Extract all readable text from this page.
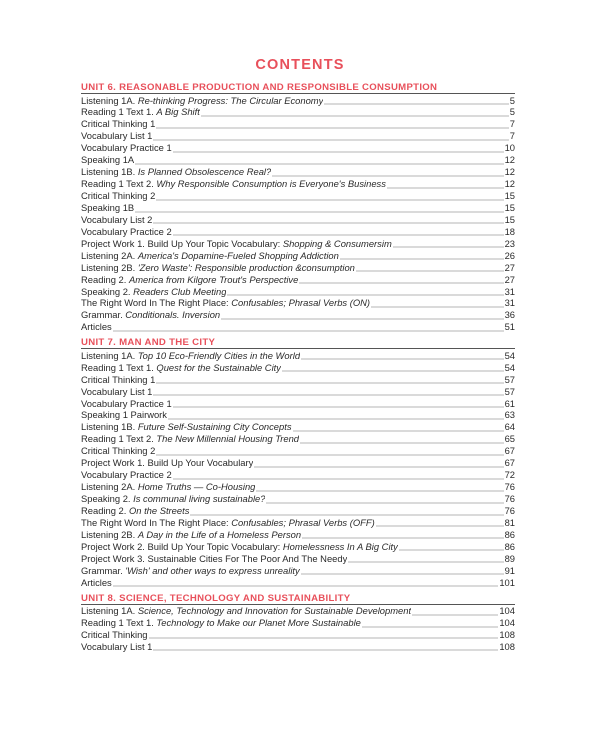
CONTENTS
UNIT 6. REASONABLE PRODUCTION AND RESPONSIBLE CONSUMPTION
Listening 1A. Re-thinking Progress: The Circular Economy	5
Reading 1 Text 1. A Big Shift	5
Critical Thinking 1	7
Vocabulary List 1	7
Vocabulary Practice 1	10
Speaking 1A	12
Listening 1B. Is Planned Obsolescence Real?	12
Reading 1 Text 2. Why Responsible Consumption is Everyone's Business	12
Critical Thinking 2	15
Speaking 1B	15
Vocabulary List 2	15
Vocabulary Practice 2	18
Project Work 1. Build Up Your Topic Vocabulary: Shopping & Consumersim	23
Listening 2A. America's Dopamine-Fueled Shopping Addiction	26
Listening 2B. 'Zero Waste': Responsible production &consumption	27
Reading 2. America from Kilgore Trout's Perspective	27
Speaking 2. Readers Club Meeting	31
The Right Word In The Right Place: Confusables; Phrasal Verbs (ON)	31
Grammar. Conditionals. Inversion	36
Articles	51
UNIT 7. MAN AND THE CITY
Listening 1A. Top 10 Eco-Friendly Cities in the World	54
Reading 1 Text 1. Quest for the Sustainable City	54
Critical Thinking 1	57
Vocabulary List 1	57
Vocabulary Practice 1	61
Speaking 1 Pairwork	63
Listening 1B. Future Self-Sustaining City Concepts	64
Reading 1 Text 2. The New Millennial Housing Trend	65
Critical Thinking 2	67
Project Work 1. Build Up Your Vocabulary	67
Vocabulary Practice 2	72
Listening 2A. Home Truths — Co-Housing	76
Speaking 2. Is communal living sustainable?	76
Reading 2. On the Streets	76
The Right Word In The Right Place: Confusables; Phrasal Verbs (OFF)	81
Listening 2B. A Day in the Life of a Homeless Person	86
Project Work 2. Build Up Your Topic Vocabulary: Homelessness In A Big City	86
Project Work 3. Sustainable Cities For The Poor And The Needy	89
Grammar. 'Wish' and other ways to express unreality	91
Articles	101
UNIT 8. SCIENCE, TECHNOLOGY AND SUSTAINABILITY
Listening 1A. Science, Technology and Innovation for Sustainable Development	104
Reading 1 Text 1. Technology to Make our Planet More Sustainable	104
Critical Thinking	108
Vocabulary List 1	108
